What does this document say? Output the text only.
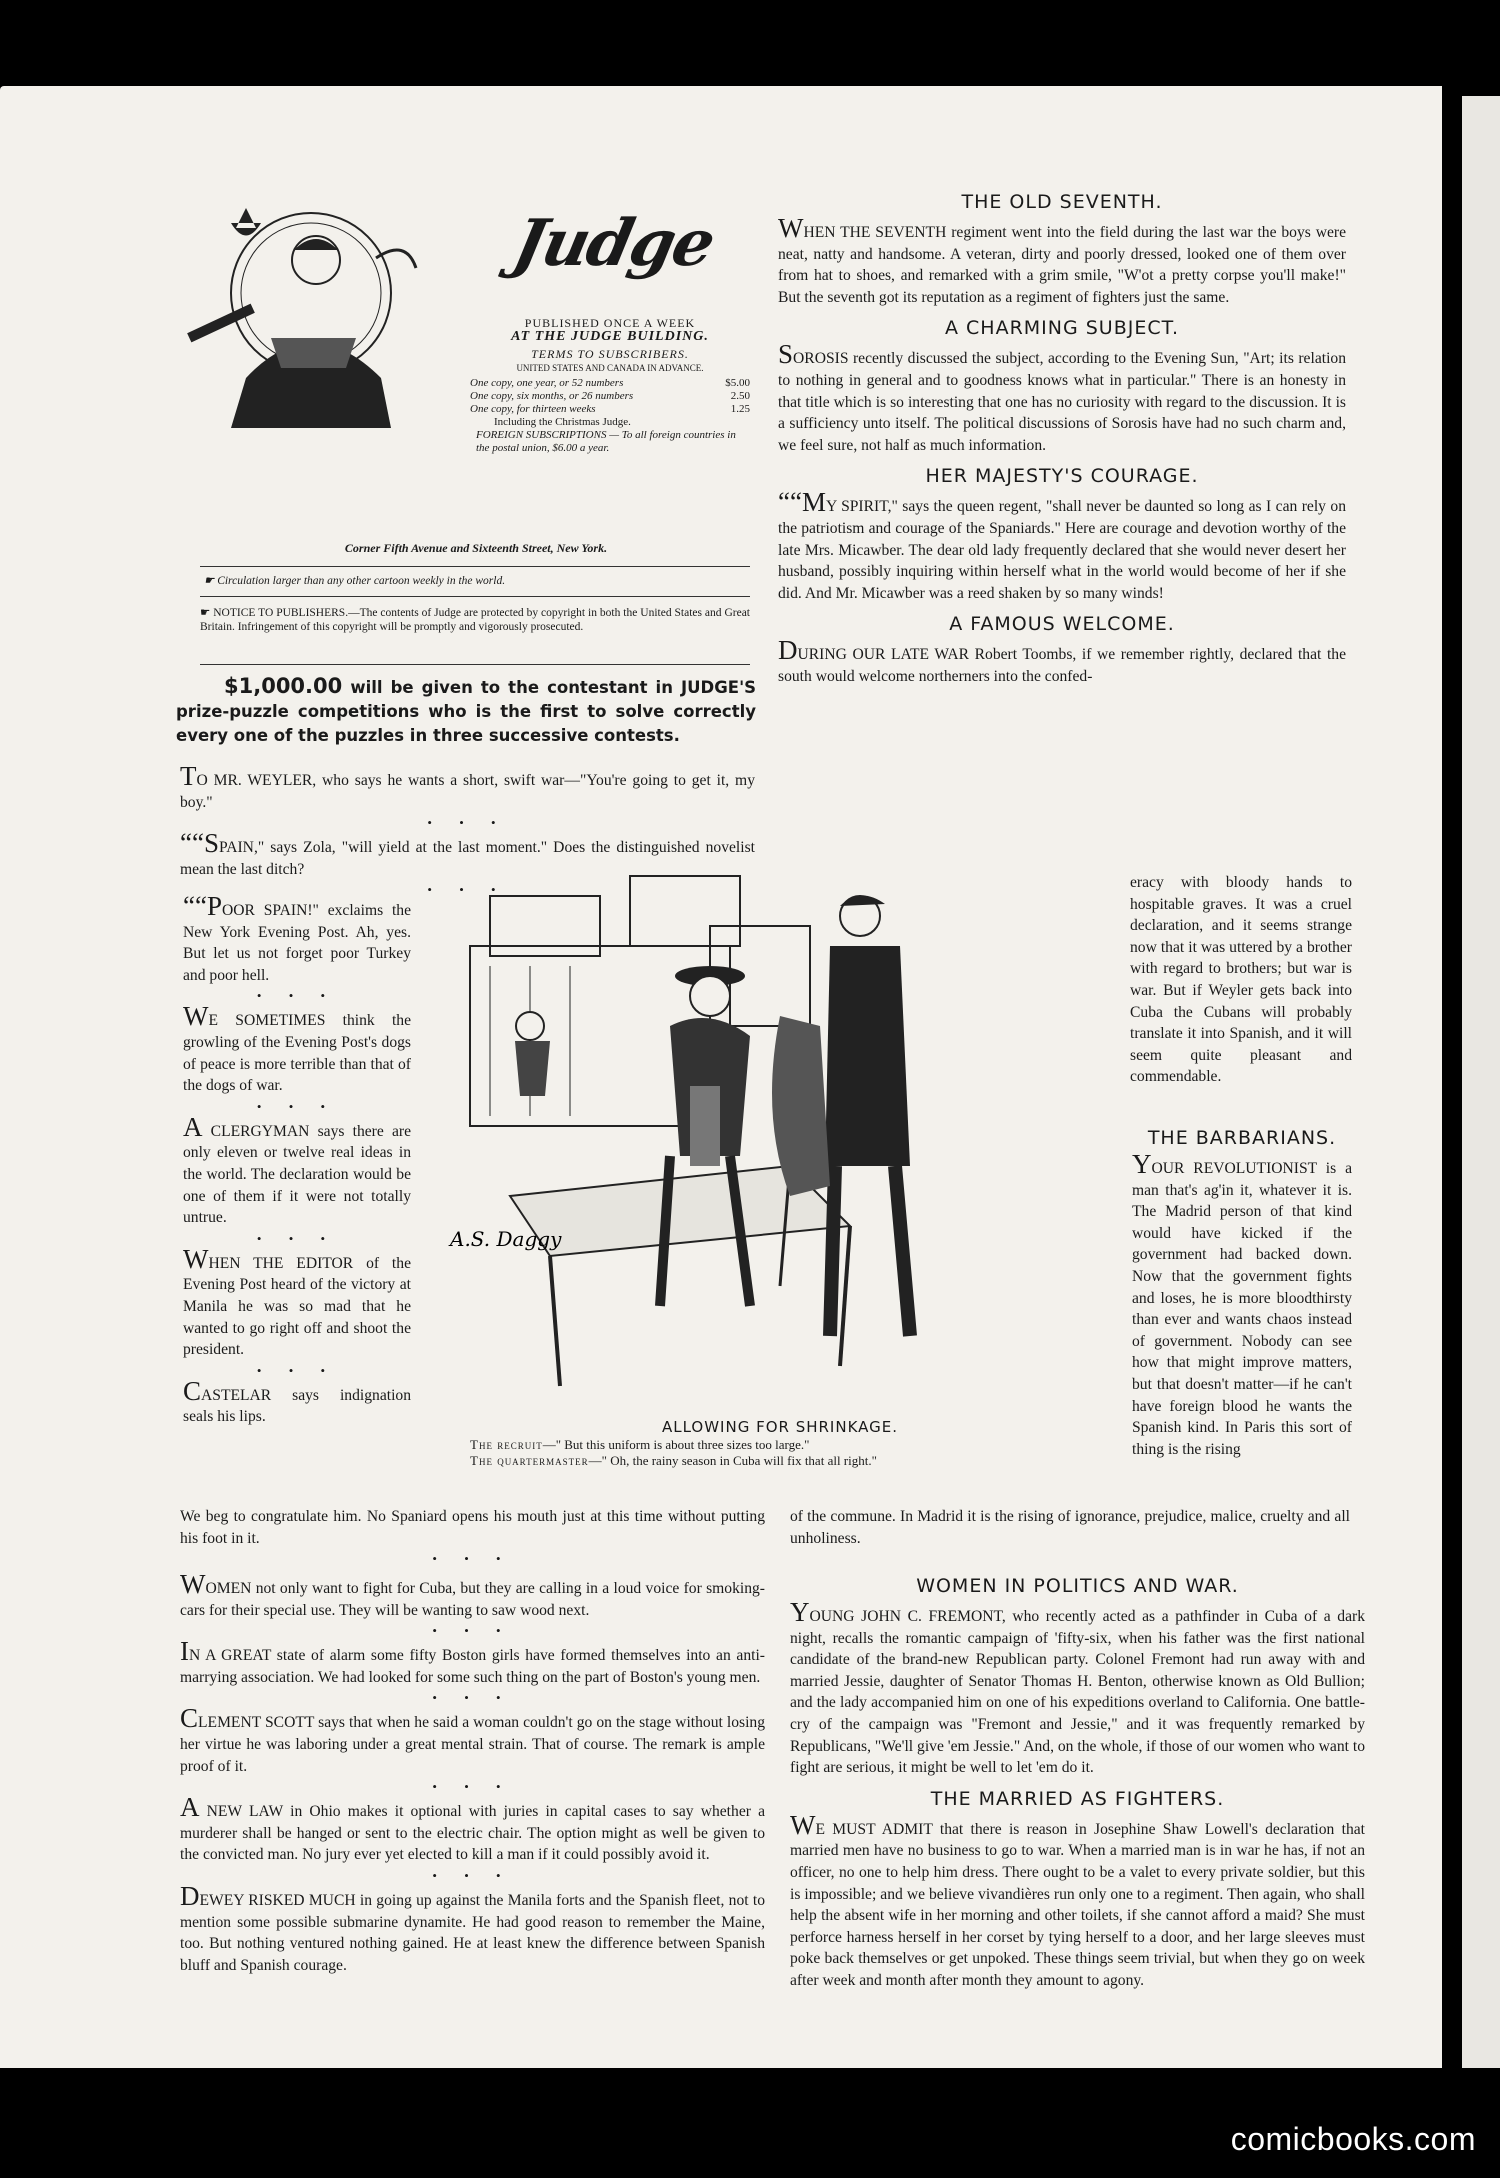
Judge
PUBLISHED ONCE A WEEK
AT THE JUDGE BUILDING.
TERMS TO SUBSCRIBERS.
UNITED STATES AND CANADA IN ADVANCE.
$5.00
One copy, one year, or 52 numbers
2.50
One copy, six months, or 26 numbers
1.25
One copy, for thirteen weeks
Including the Christmas Judge.
FOREIGN SUBSCRIPTIONS — To all foreign countries in the postal union, $6.00 a year.
Corner Fifth Avenue and Sixteenth Street, New York.
☛ Circulation larger than any other cartoon weekly in the world.
☛ NOTICE TO PUBLISHERS.—The contents of Judge are protected by copyright in both the United States and Great Britain. Infringement of this copyright will be promptly and vigorously prosecuted.
$1,000.00 will be given to the contestant in JUDGE'S prize-puzzle competitions who is the first to solve correctly every one of the puzzles in three successive contests.

TO MR. WEYLER, who says he wants a short, swift war—"You're going to get it, my boy."

• • •

““SPAIN," says Zola, "will yield at the last moment." Does the distinguished novelist mean the last ditch?

• • •

““POOR SPAIN!" exclaims the New York Evening Post. Ah, yes. But let us not forget poor Turkey and poor hell.

• • •

WE SOMETIMES think the growling of the Evening Post's dogs of peace is more terrible than that of the dogs of war.

• • •

A CLERGYMAN says there are only eleven or twelve real ideas in the world. The declaration would be one of them if it were not totally untrue.

• • •

WHEN THE EDITOR of the Evening Post heard of the victory at Manila he was so mad that he wanted to go right off and shoot the president.

• • •

CASTELAR says indignation seals his lips.

A.S. Daggy
ALLOWING FOR SHRINKAGE.
The recruit—" But this uniform is about three sizes too large."
The quartermaster—" Oh, the rainy season in Cuba will fix that all right."

We beg to congratulate him. No Spaniard opens his mouth just at this time without putting his foot in it.

• • •

WOMEN not only want to fight for Cuba, but they are calling in a loud voice for smoking-cars for their special use. They will be wanting to saw wood next.

• • •

IN A GREAT state of alarm some fifty Boston girls have formed themselves into an anti-marrying association. We had looked for some such thing on the part of Boston's young men.

• • •

CLEMENT SCOTT says that when he said a woman couldn't go on the stage without losing her virtue he was laboring under a great mental strain. That of course. The remark is ample proof of it.

• • •

A NEW LAW in Ohio makes it optional with juries in capital cases to say whether a murderer shall be hanged or sent to the electric chair. The option might as well be given to the convicted man. No jury ever yet elected to kill a man if it could possibly avoid it.

• • •

DEWEY RISKED MUCH in going up against the Manila forts and the Spanish fleet, not to mention some possible submarine dynamite. He had good reason to remember the Maine, too. But nothing ventured nothing gained. He at least knew the difference between Spanish bluff and Spanish courage.

THE OLD SEVENTH.

WHEN THE SEVENTH regiment went into the field during the last war the boys were neat, natty and handsome. A veteran, dirty and poorly dressed, looked one of them over from hat to shoes, and remarked with a grim smile, "W'ot a pretty corpse you'll make!" But the seventh got its reputation as a regiment of fighters just the same.

A CHARMING SUBJECT.

SOROSIS recently discussed the subject, according to the Evening Sun, "Art; its relation to nothing in general and to goodness knows what in particular." There is an honesty in that title which is so interesting that one has no curiosity with regard to the discussion. It is a sufficiency unto itself. The political discussions of Sorosis have had no such charm and, we feel sure, not half as much information.

HER MAJESTY'S COURAGE.

““MY SPIRIT," says the queen regent, "shall never be daunted so long as I can rely on the patriotism and courage of the Spaniards." Here are courage and devotion worthy of the late Mrs. Micawber. The dear old lady frequently declared that she would never desert her husband, possibly inquiring within herself what in the world would become of her if she did. And Mr. Micawber was a reed shaken by so many winds!

A FAMOUS WELCOME.

DURING OUR LATE WAR Robert Toombs, if we remember rightly, declared that the south would welcome northerners into the confed-

eracy with bloody hands to hospitable graves. It was a cruel declaration, and it seems strange now that it was uttered by a brother with regard to brothers; but war is war. But if Weyler gets back into Cuba the Cubans will probably translate it into Spanish, and it will seem quite pleasant and commendable.

THE BARBARIANS.

YOUR REVOLUTIONIST is a man that's ag'in it, whatever it is. The Madrid person of that kind would have kicked if the government had backed down. Now that the government fights and loses, he is more bloodthirsty than ever and wants chaos instead of government. Nobody can see how that might improve matters, but that doesn't matter—if he can't have foreign blood he wants the Spanish kind. In Paris this sort of thing is the rising

of the commune. In Madrid it is the rising of ignorance, prejudice, malice, cruelty and all unholiness.

WOMEN IN POLITICS AND WAR.

YOUNG JOHN C. FREMONT, who recently acted as a pathfinder in Cuba of a dark night, recalls the romantic campaign of 'fifty-six, when his father was the first national candidate of the brand-new Republican party. Colonel Fremont had run away with and married Jessie, daughter of Senator Thomas H. Benton, otherwise known as Old Bullion; and the lady accompanied him on one of his expeditions overland to California. One battle-cry of the campaign was "Fremont and Jessie," and it was frequently remarked by Republicans, "We'll give 'em Jessie." And, on the whole, if those of our women who want to fight are serious, it might be well to let 'em do it.

THE MARRIED AS FIGHTERS.

WE MUST ADMIT that there is reason in Josephine Shaw Lowell's declaration that married men have no business to go to war. When a married man is in war he has, if not an officer, no one to help him dress. There ought to be a valet to every private soldier, but this is impossible; and we believe vivandières run only one to a regiment. Then again, who shall help the absent wife in her morning and other toilets, if she cannot afford a maid? She must perforce harness herself in her corset by tying herself to a door, and her large sleeves must poke back themselves or get unpoked. These things seem trivial, but when they go on week after week and month after month they amount to agony.

comicbooks.com
